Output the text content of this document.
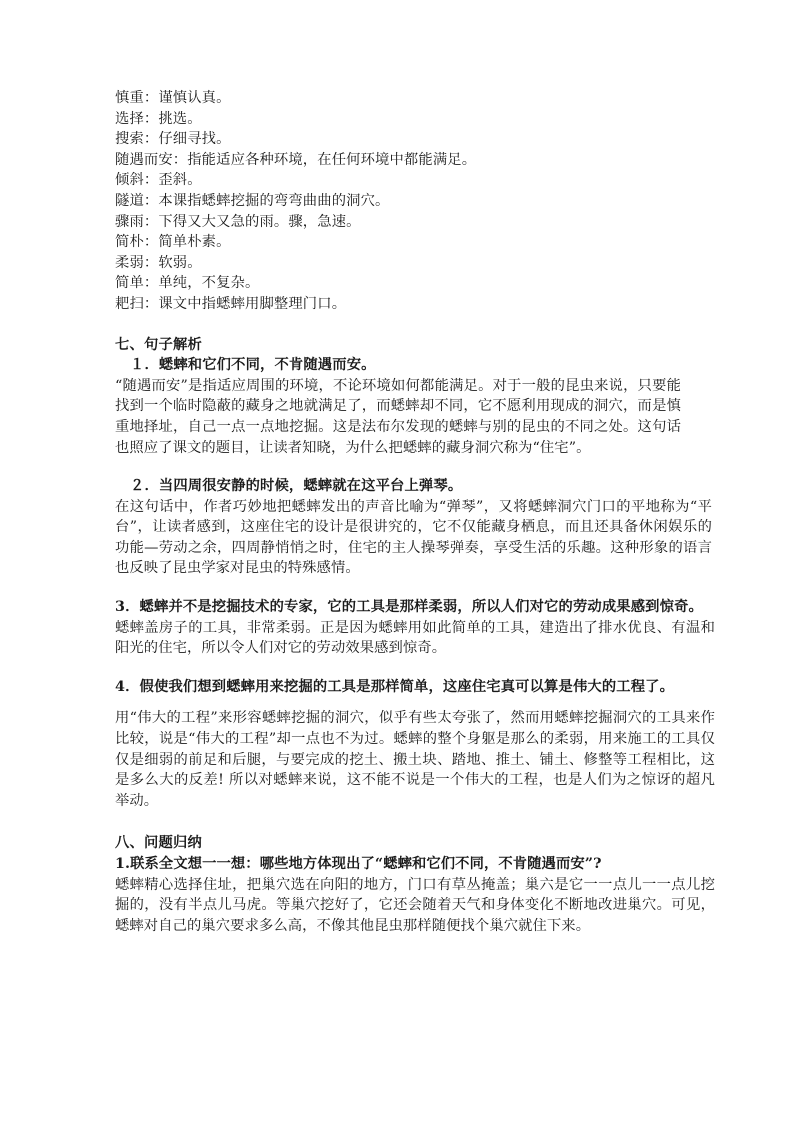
慎重：谨慎认真。
选择：挑选。
搜索：仔细寻找。
随遇而安：指能适应各种环境，在任何环境中都能满足。
倾斜：歪斜。
隧道：本课指蟋蟀挖掘的弯弯曲曲的洞穴。
骤雨：下得又大又急的雨。骤，急速。
简朴：简单朴素。
柔弱：软弱。
简单：单纯，不复杂。
耙扫：课文中指蟋蟀用脚整理门口。
七、句子解析
１．蟋蟀和它们不同，不肯随遇而安。
“随遇而安”是指适应周围的环境，不论环境如何都能满足。对于一般的昆虫来说，只要能找到一个临时隐蔽的藏身之地就满足了，而蟋蟀却不同，它不愿利用现成的洞穴，而是慎重地择址，自己一点一点地挖掘。这是法布尔发现的蟋蟀与别的昆虫的不同之处。这句话也照应了课文的题目，让读者知晓，为什么把蟋蟀的藏身洞穴称为“住宅”。
２．当四周很安静的时候，蟋蟀就在这平台上弹琴。
在这句话中，作者巧妙地把蟋蟀发出的声音比喻为“弹琴”，又将蟋蟀洞穴门口的平地称为“平台”，让读者感到，这座住宅的设计是很讲究的，它不仅能藏身栖息，而且还具备休闲娱乐的功能—劳动之余，四周静悄悄之时，住宅的主人操琴弹奏，享受生活的乐趣。这种形象的语言也反映了昆虫学家对昆虫的特殊感情。
3．蟋蟀并不是挖掘技术的专家，它的工具是那样柔弱，所以人们对它的劳动成果感到惊奇。
蟋蟀盖房子的工具，非常柔弱。正是因为蟋蟀用如此简单的工具，建造出了排水优良、有温和阳光的住宅，所以令人们对它的劳动效果感到惊奇。
4．假使我们想到蟋蟀用来挖掘的工具是那样简单，这座住宅真可以算是伟大的工程了。
用“伟大的工程”来形容蟋蟀挖掘的洞穴，似乎有些太夸张了，然而用蟋蟀挖掘洞穴的工具来作比较，说是“伟大的工程”却一点也不为过。蟋蟀的整个身躯是那么的柔弱，用来施工的工具仅仅是细弱的前足和后腿，与要完成的挖土、搬土块、踏地、推土、铺土、修整等工程相比，这是多么大的反差! 所以对蟋蟀来说，这不能不说是一个伟大的工程，也是人们为之惊讶的超凡举动。
八、问题归纳
1.联系全文想一一想：哪些地方体现出了“蟋蟀和它们不同，不肯随遇而安”?
蟋蟀精心选择住址，把巢穴选在向阳的地方，门口有草丛掩盖；巢六是它一一点儿一一点儿挖掘的，没有半点儿马虎。等巢穴挖好了，它还会随着天气和身体变化不断地改进巢穴。可见，蟋蟀对自己的巢穴要求多么高，不像其他昆虫那样随便找个巢穴就住下来。
